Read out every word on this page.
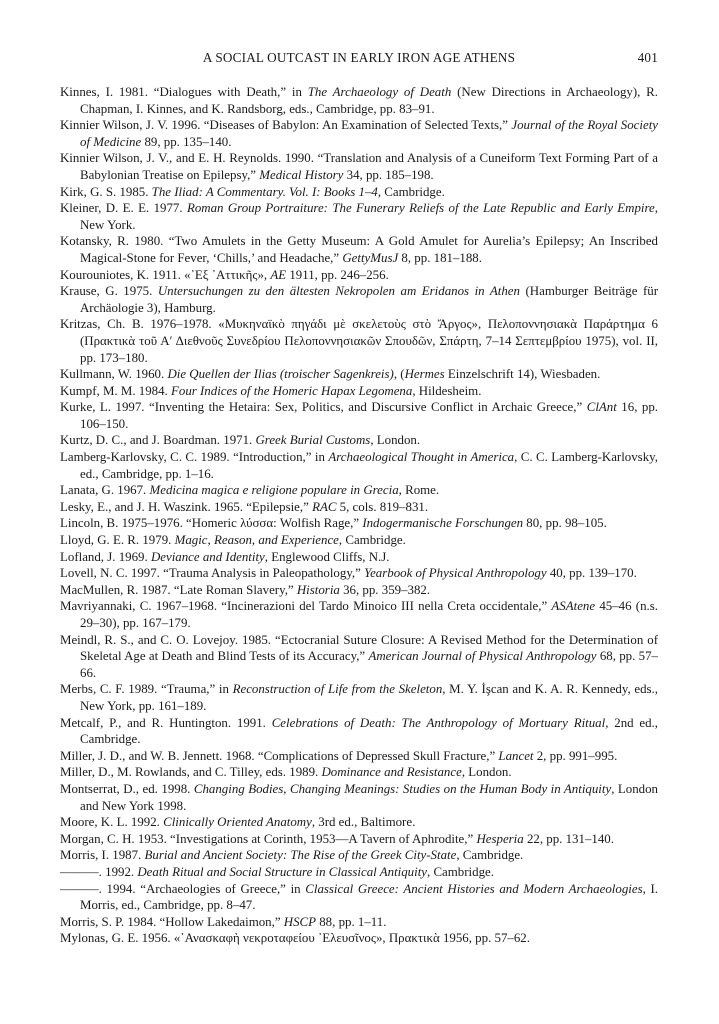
A SOCIAL OUTCAST IN EARLY IRON AGE ATHENS	401

Kinnes, I. 1981. “Dialogues with Death,” in The Archaeology of Death (New Directions in Archaeology), R. Chapman, I. Kinnes, and K. Randsborg, eds., Cambridge, pp. 83–91.

Kinnier Wilson, J. V. 1996. “Diseases of Babylon: An Examination of Selected Texts,” Journal of the Royal Society of Medicine 89, pp. 135–140.

Kinnier Wilson, J. V., and E. H. Reynolds. 1990. “Translation and Analysis of a Cuneiform Text Forming Part of a Babylonian Treatise on Epilepsy,” Medical History 34, pp. 185–198.

Kirk, G. S. 1985. The Iliad: A Commentary. Vol. I: Books 1–4, Cambridge.

Kleiner, D. E. E. 1977. Roman Group Portraiture: The Funerary Reliefs of the Late Republic and Early Empire, New York.

Kotansky, R. 1980. “Two Amulets in the Getty Museum: A Gold Amulet for Aurelia’s Epilepsy; An Inscribed Magical-Stone for Fever, ‘Chills,’ and Headache,” GettyMusJ 8, pp. 181–188.

Kourouniotes, K. 1911. «᾿Εξ ᾿Αττικῆς», AE 1911, pp. 246–256.

Krause, G. 1975. Untersuchungen zu den ältesten Nekropolen am Eridanos in Athen (Hamburger Beiträge für Archäologie 3), Hamburg.

Kritzas, Ch. B. 1976–1978. «Μυκηναϊκὸ πηγάδι μὲ σκελετοὺς στὸ Ἄργος», Πελοποννησιακὰ Παράρτημα 6 (Πρακτικὰ τοῦ Α′ Διεθνοῦς Συνεδρίου Πελοποννησιακῶν Σπουδῶν, Σπάρτη, 7–14 Σεπτεμβρίου 1975), vol. II, pp. 173–180.

Kullmann, W. 1960. Die Quellen der Ilias (troischer Sagenkreis), (Hermes Einzelschrift 14), Wiesbaden.

Kumpf, M. M. 1984. Four Indices of the Homeric Hapax Legomena, Hildesheim.

Kurke, L. 1997. “Inventing the Hetaira: Sex, Politics, and Discursive Conflict in Archaic Greece,” ClAnt 16, pp. 106–150.

Kurtz, D. C., and J. Boardman. 1971. Greek Burial Customs, London.

Lamberg-Karlovsky, C. C. 1989. “Introduction,” in Archaeological Thought in America, C. C. Lamberg-Karlovsky, ed., Cambridge, pp. 1–16.

Lanata, G. 1967. Medicina magica e religione populare in Grecia, Rome.

Lesky, E., and J. H. Waszink. 1965. “Epilepsie,” RAC 5, cols. 819–831.

Lincoln, B. 1975–1976. “Homeric λύσσα: Wolfish Rage,” Indogermanische Forschungen 80, pp. 98–105.

Lloyd, G. E. R. 1979. Magic, Reason, and Experience, Cambridge.

Lofland, J. 1969. Deviance and Identity, Englewood Cliffs, N.J.

Lovell, N. C. 1997. “Trauma Analysis in Paleopathology,” Yearbook of Physical Anthropology 40, pp. 139–170.

MacMullen, R. 1987. “Late Roman Slavery,” Historia 36, pp. 359–382.

Mavriyannaki, C. 1967–1968. “Incinerazioni del Tardo Minoico III nella Creta occidentale,” ASAtene 45–46 (n.s. 29–30), pp. 167–179.

Meindl, R. S., and C. O. Lovejoy. 1985. “Ectocranial Suture Closure: A Revised Method for the Determination of Skeletal Age at Death and Blind Tests of its Accuracy,” American Journal of Physical Anthropology 68, pp. 57–66.

Merbs, C. F. 1989. “Trauma,” in Reconstruction of Life from the Skeleton, M. Y. İşcan and K. A. R. Kennedy, eds., New York, pp. 161–189.

Metcalf, P., and R. Huntington. 1991. Celebrations of Death: The Anthropology of Mortuary Ritual, 2nd ed., Cambridge.

Miller, J. D., and W. B. Jennett. 1968. “Complications of Depressed Skull Fracture,” Lancet 2, pp. 991–995.

Miller, D., M. Rowlands, and C. Tilley, eds. 1989. Dominance and Resistance, London.

Montserrat, D., ed. 1998. Changing Bodies, Changing Meanings: Studies on the Human Body in Antiquity, London and New York 1998.

Moore, K. L. 1992. Clinically Oriented Anatomy, 3rd ed., Baltimore.

Morgan, C. H. 1953. “Investigations at Corinth, 1953—A Tavern of Aphrodite,” Hesperia 22, pp. 131–140.

Morris, I. 1987. Burial and Ancient Society: The Rise of the Greek City-State, Cambridge.

———. 1992. Death Ritual and Social Structure in Classical Antiquity, Cambridge.

———. 1994. “Archaeologies of Greece,” in Classical Greece: Ancient Histories and Modern Archaeologies, I. Morris, ed., Cambridge, pp. 8–47.

Morris, S. P. 1984. “Hollow Lakedaimon,” HSCP 88, pp. 1–11.

Mylonas, G. E. 1956. «᾿Ανασκαφὴ νεκροταφείου ᾿Ελευσῖνος», Πρακτικὰ 1956, pp. 57–62.
